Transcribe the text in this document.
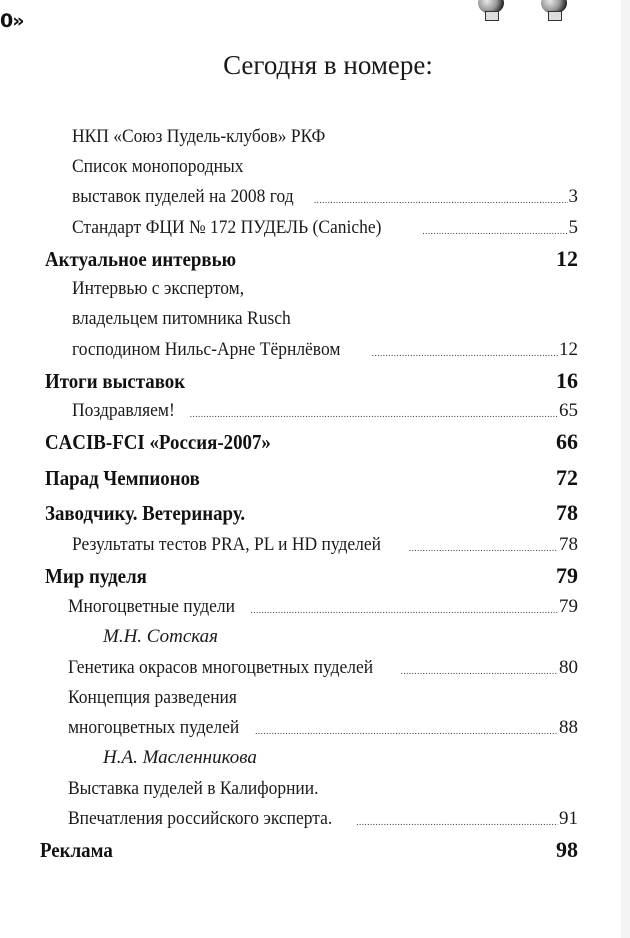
0»
Сегодня в номере:
НКП «Союз Пудель-клубов» РКФ
Список монопородных
выставок пуделей на 2008 год .....	3
Стандарт ФЦИ № 172 ПУДЕЛЬ (Caniche) .....	5
Актуальное интервью	12
Интервью с экспертом,
владельцем питомника Rusch
господином Нильс-Арне Тёрнлёвом .....	12
Итоги выставок	16
Поздравляем! .....	65
CACIB-FCI «Россия-2007»	66
Парад Чемпионов	72
Заводчику. Ветеринару.	78
Результаты тестов PRA, PL и HD пуделей .....	78
Мир пуделя	79
Многоцветные пудели .....	79
М.Н. Сотская
Генетика окрасов многоцветных пуделей .....	80
Концепция разведения
многоцветных пуделей .....	88
Н.А. Масленникова
Выставка пуделей в Калифорнии.
Впечатления российского эксперта. .....	91
Реклама	98
